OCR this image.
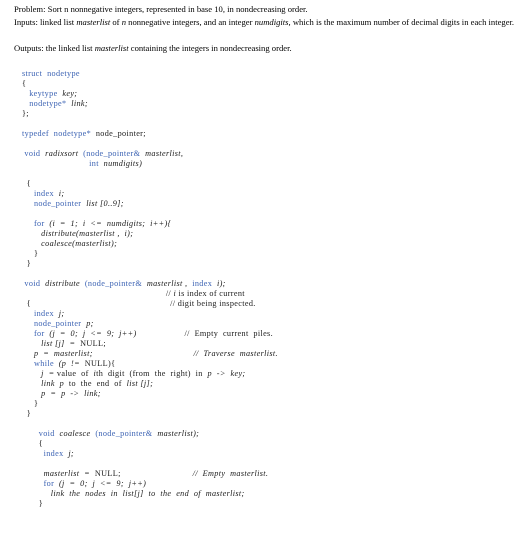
Problem: Sort n nonnegative integers, represented in base 10, in nondecreasing order.
Inputs: linked list masterlist of n nonnegative integers, and an integer numdigits, which is the maximum number of decimal digits in each integer.
Outputs: the linked list masterlist containing the integers in nondecreasing order.
struct  nodetype
{
keytype  key;
nodetype*  link;
};

typedef  nodetype*  node_pointer;

void  radixsort  (node_pointer&  masterlist,
int  numdigits)

{
index  i;
node_pointer  list [0..9];

for  (i  =  1;  i  <=  numdigits;  i++){
distribute(masterlist ,  i);
coalesce(masterlist);
}
}

void  distribute  (node_pointer&  masterlist ,  index  i);
// i is index of current
{                                                          // digit being inspected.
index  j;
node_pointer  p;
for  (j  =  0;  j  <=  9;  j++)                    //  Empty  current  piles.
list [j]  =  NULL;
p  =  masterlist;                                          //  Traverse  masterlist.
while  (p  !=  NULL){
j  = value  of  ith  digit  (from  the  right)  in  p  ->  key;
link  p  to  the  end  of  list [j];
p  =  p  ->  link;
}
}

void  coalesce  (node_pointer&  masterlist);
{
index  j;

masterlist  =  NULL;                              //  Empty  masterlist.
for  (j  =  0;  j  <=  9;  j++)
link  the  nodes  in  list[j]  to  the  end  of  masterlist;
}
